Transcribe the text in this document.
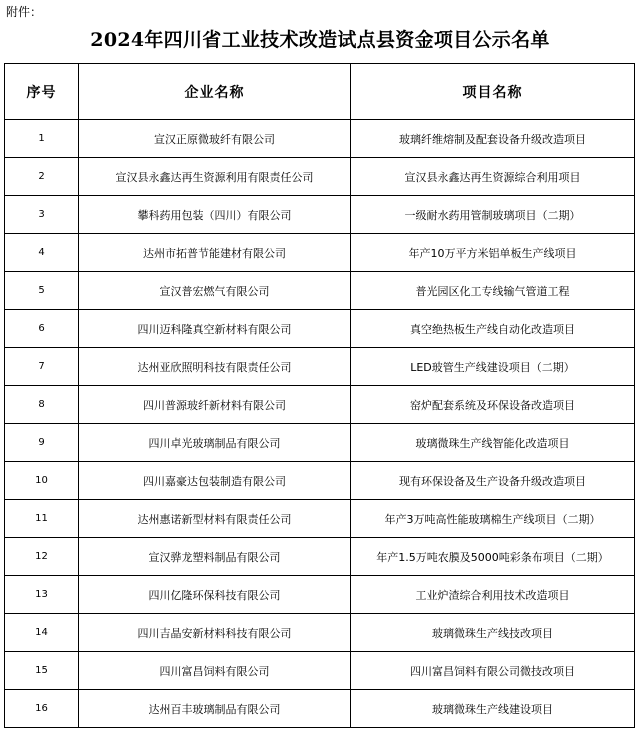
附件：
2024年四川省工业技术改造试点县资金项目公示名单
序号	企业名称	项目名称
1	宣汉正原微玻纤有限公司	玻璃纤维熔制及配套设备升级改造项目
2	宣汉县永鑫达再生资源利用有限责任公司	宣汉县永鑫达再生资源综合利用项目
3	攀科药用包装（四川）有限公司	一级耐水药用管制玻璃项目（二期）
4	达州市拓普节能建材有限公司	年产10万平方米铝单板生产线项目
5	宣汉普宏燃气有限公司	普光园区化工专线输气管道工程
6	四川迈科隆真空新材料有限公司	真空绝热板生产线自动化改造项目
7	达州亚欣照明科技有限责任公司	LED玻管生产线建设项目（二期）
8	四川普源玻纤新材料有限公司	窑炉配套系统及环保设备改造项目
9	四川卓光玻璃制品有限公司	玻璃微珠生产线智能化改造项目
10	四川嘉豪达包装制造有限公司	现有环保设备及生产设备升级改造项目
11	达州惠诺新型材料有限责任公司	年产3万吨高性能玻璃棉生产线项目（二期）
12	宣汉骅龙塑料制品有限公司	年产1.5万吨农膜及5000吨彩条布项目（二期）
13	四川亿隆环保科技有限公司	工业炉渣综合利用技术改造项目
14	四川吉晶安新材料科技有限公司	玻璃微珠生产线技改项目
15	四川富昌饲料有限公司	四川富昌饲料有限公司微技改项目
16	达州百丰玻璃制品有限公司	玻璃微珠生产线建设项目
